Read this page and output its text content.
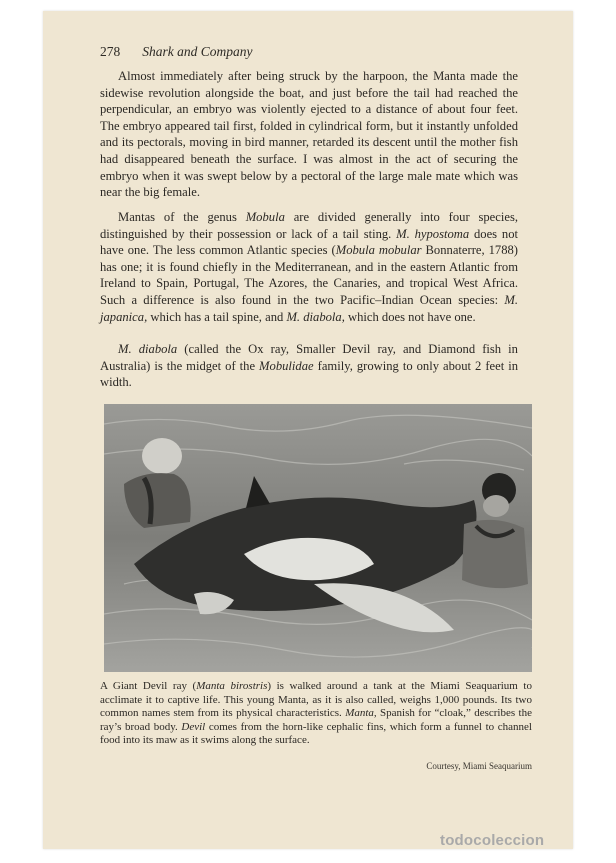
278 Shark and Company

Almost immediately after being struck by the harpoon, the Manta made the sidewise revolution alongside the boat, and just before the tail had reached the perpendicular, an embryo was violently ejected to a distance of about four feet. The embryo appeared tail first, folded in cylindrical form, but it instantly unfolded and its pectorals, moving in bird manner, retarded its descent until the mother fish had disappeared beneath the surface. I was almost in the act of securing the embryo when it was swept below by a pectoral of the large male mate which was near the big female.

Mantas of the genus Mobula are divided generally into four species, distinguished by their possession or lack of a tail sting. M. hypostoma does not have one. The less common Atlantic species (Mobula mobular Bonnaterre, 1788) has one; it is found chiefly in the Mediterranean, and in the eastern Atlantic from Ireland to Spain, Portugal, The Azores, the Canaries, and tropical West Africa. Such a difference is also found in the two Pacific–Indian Ocean species: M. japanica, which has a tail spine, and M. diabola, which does not have one.

M. diabola (called the Ox ray, Smaller Devil ray, and Diamond fish in Australia) is the midget of the Mobulidae family, growing to only about 2 feet in width.

A Giant Devil ray (Manta birostris) is walked around a tank at the Miami Seaquarium to acclimate it to captive life. This young Manta, as it is also called, weighs 1,000 pounds. Its two common names stem from its physical characteristics. Manta, Spanish for “cloak,” describes the ray’s broad body. Devil comes from the horn-like cephalic fins, which form a funnel to channel food into its maw as it swims along the surface.

Courtesy, Miami Seaquarium
todocoleccion
